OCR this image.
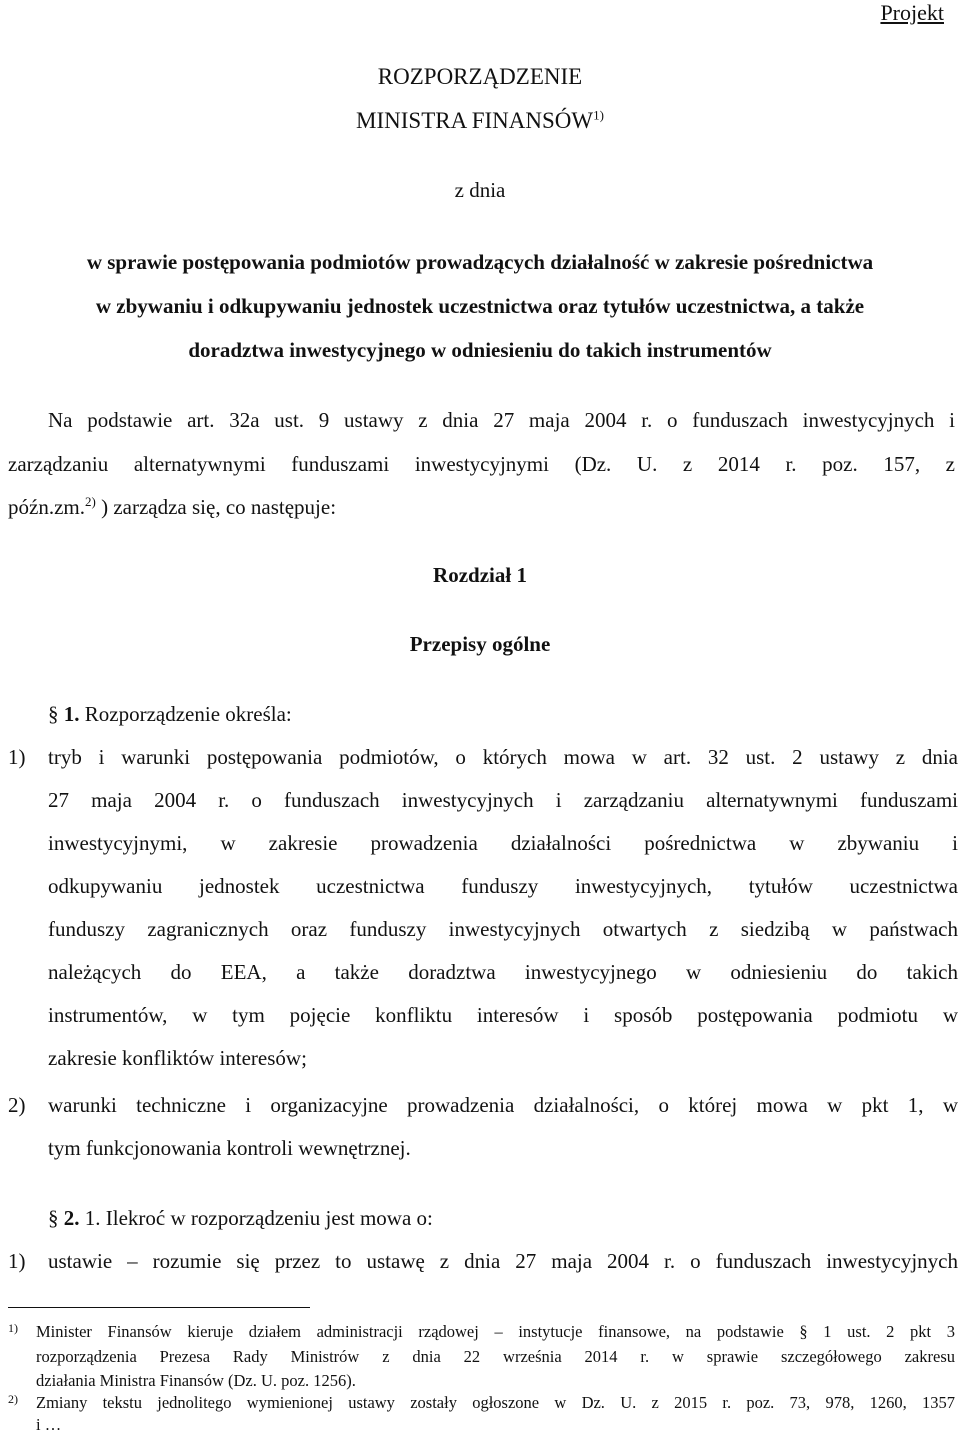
Projekt
ROZPORZĄDZENIE
MINISTRA FINANSÓW$^{1)}$
z dnia
w sprawie postępowania podmiotów prowadzących działalność w zakresie pośrednictwa
w zbywaniu i odkupywaniu jednostek uczestnictwa oraz tytułów uczestnictwa, a także
doradztwa inwestycyjnego w odniesieniu do takich instrumentów
Na podstawie art. 32a ust. 9 ustawy z dnia 27 maja 2004 r. o funduszach inwestycyjnych i
zarządzaniu alternatywnymi funduszami inwestycyjnymi (Dz. U. z 2014 r. poz. 157, z
późn.zm.$^{2)}$ ) zarządza się, co następuje:
Rozdział 1
Przepisy ogólne
§ 1. Rozporządzenie określa:
1) tryb i warunki postępowania podmiotów, o których mowa w art. 32 ust. 2 ustawy z dnia
27 maja 2004 r. o funduszach inwestycyjnych i zarządzaniu alternatywnymi funduszami
inwestycyjnymi, w zakresie prowadzenia działalności pośrednictwa w zbywaniu i
odkupywaniu jednostek uczestnictwa funduszy inwestycyjnych, tytułów uczestnictwa
funduszy zagranicznych oraz funduszy inwestycyjnych otwartych z siedzibą w państwach
należących do EEA, a także doradztwa inwestycyjnego w odniesieniu do takich
instrumentów, w tym pojęcie konfliktu interesów i sposób postępowania podmiotu w
zakresie konfliktów interesów;
2) warunki techniczne i organizacyjne prowadzenia działalności, o której mowa w pkt 1, w
tym funkcjonowania kontroli wewnętrznej.
§ 2. 1. Ilekroć w rozporządzeniu jest mowa o:
1) ustawie – rozumie się przez to ustawę z dnia 27 maja 2004 r. o funduszach inwestycyjnych
1) Minister Finansów kieruje działem administracji rządowej – instytucje finansowe, na podstawie § 1 ust. 2 pkt 3
rozporządzenia Prezesa Rady Ministrów z dnia 22 września 2014 r. w sprawie szczegółowego zakresu
działania Ministra Finansów (Dz. U. poz. 1256).
2) Zmiany tekstu jednolitego wymienionej ustawy zostały ogłoszone w Dz. U. z 2015 r. poz. 73, 978, 1260, 1357
i …
